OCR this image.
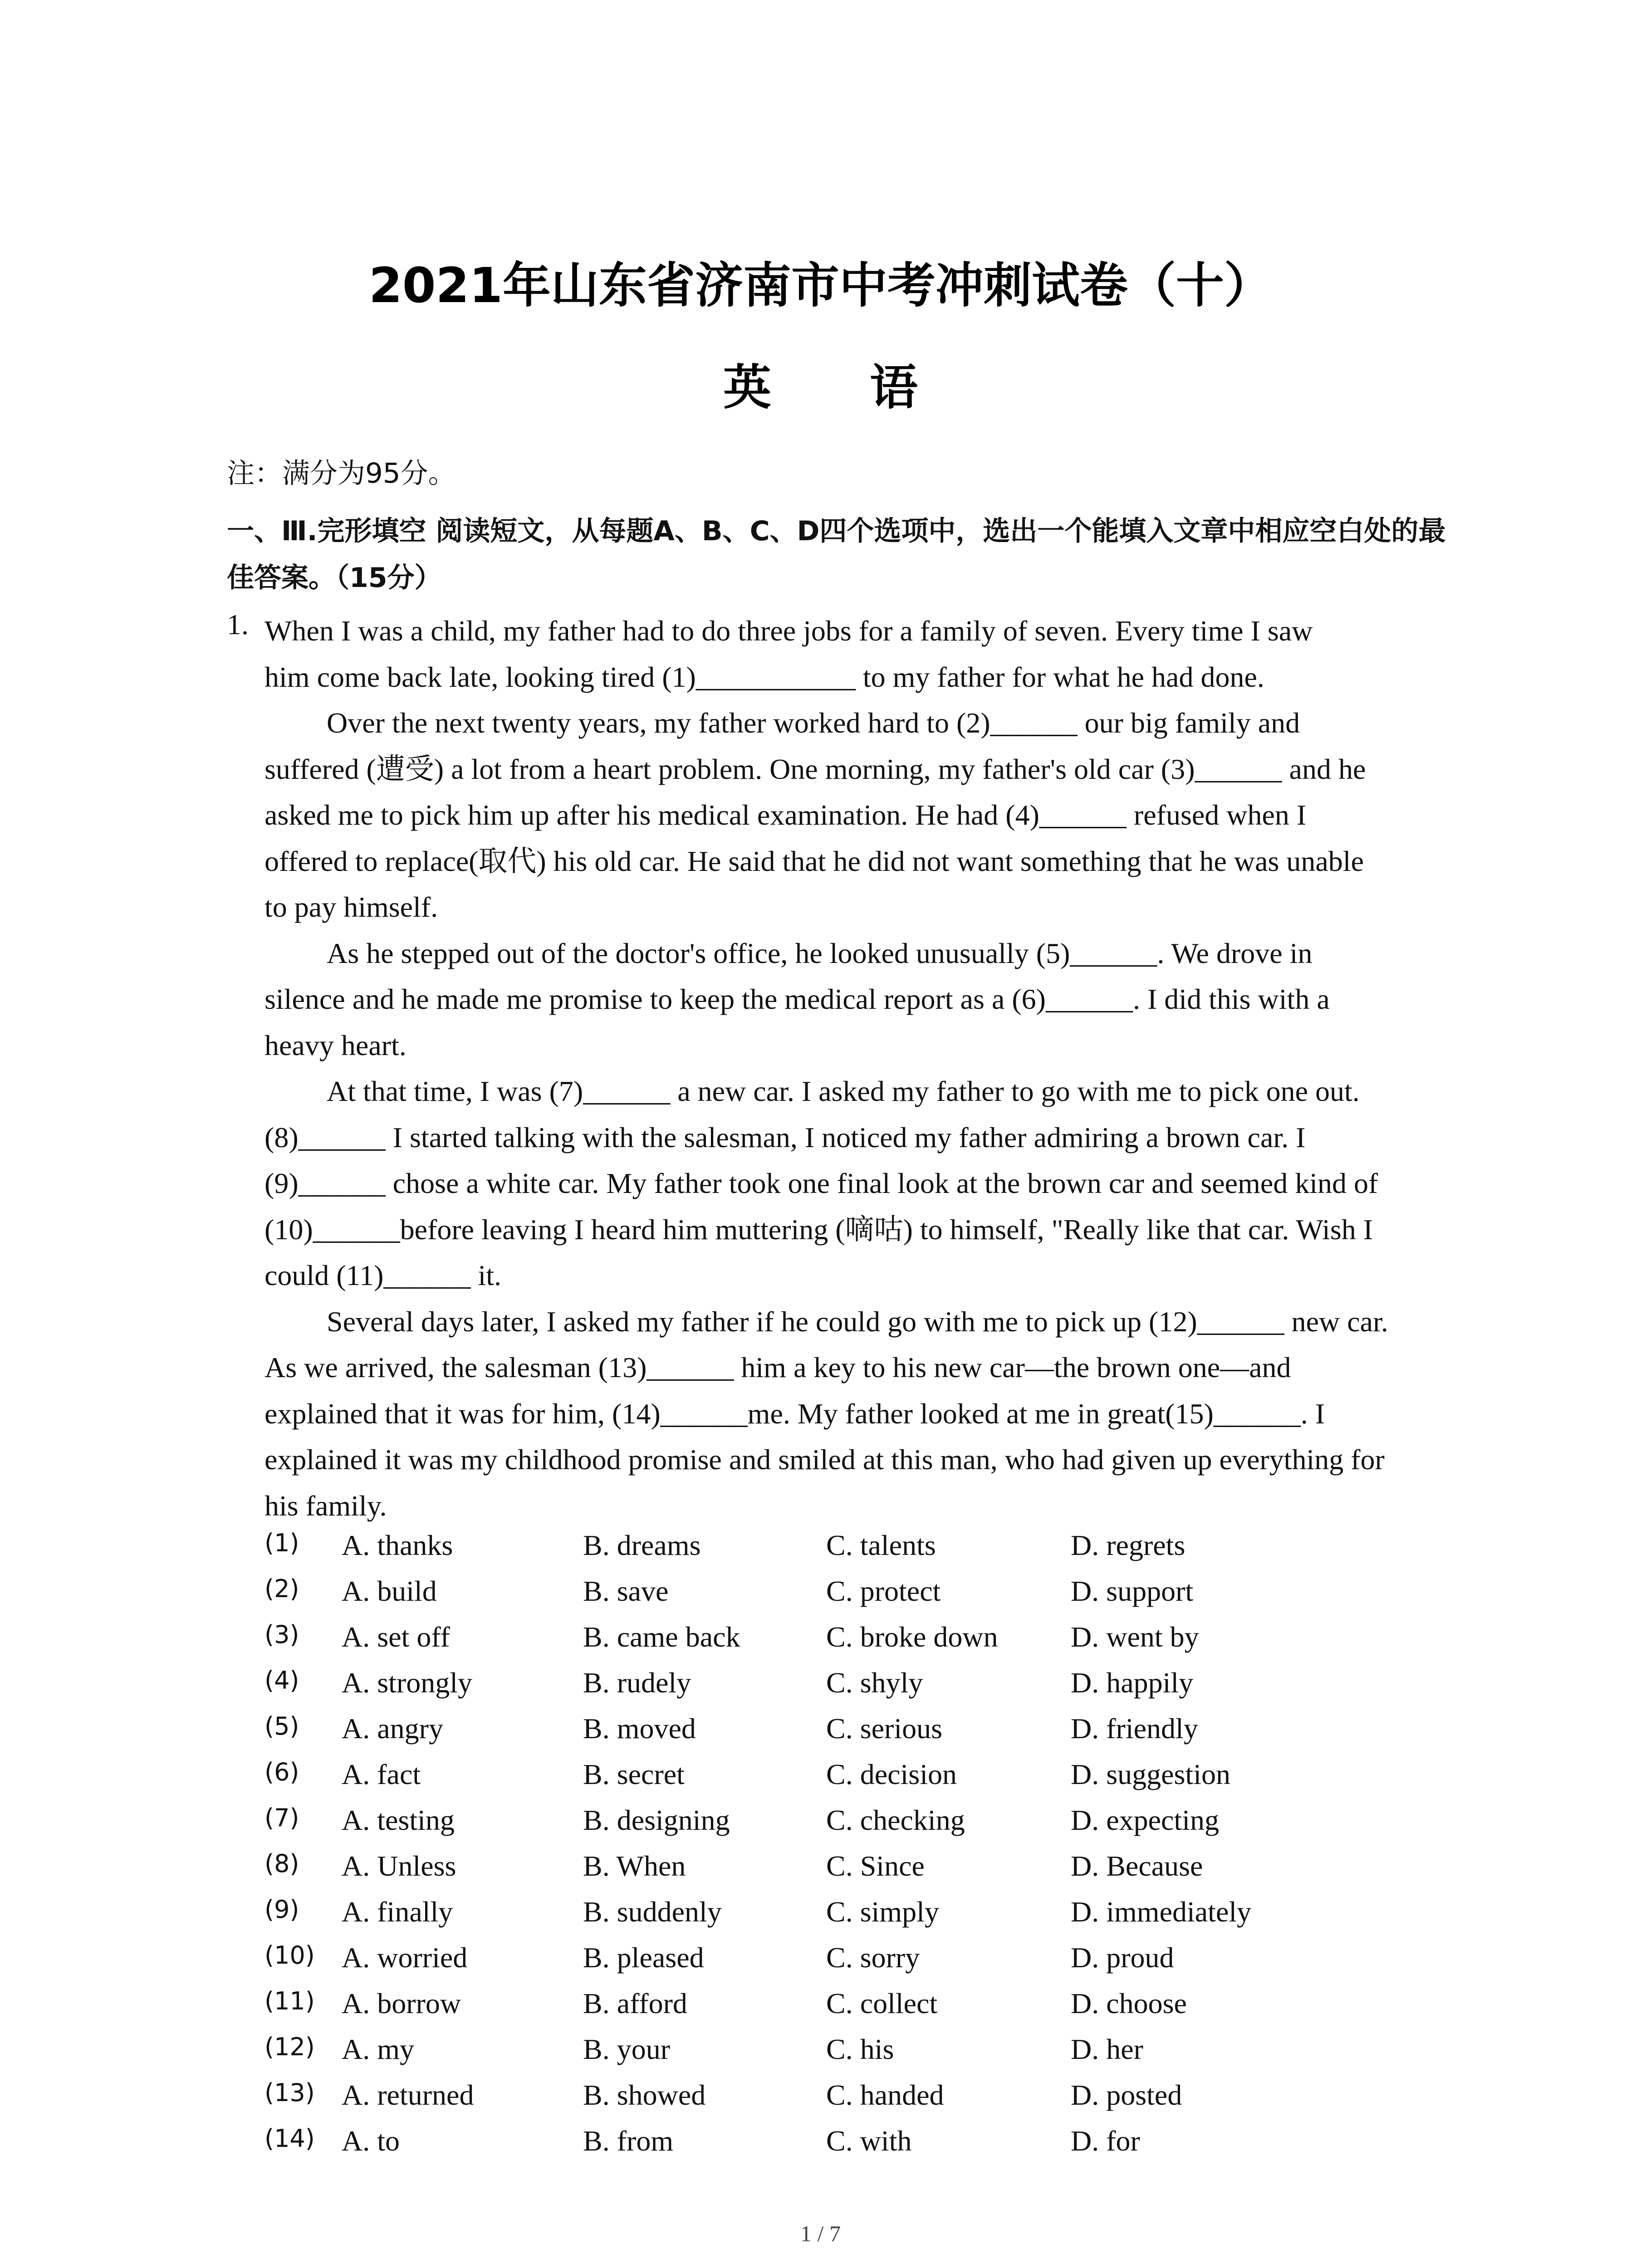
2021年山东省济南市中考冲刺试卷（十）
英 语
注：满分为95分。
一、Ⅲ.完形填空 阅读短文，从每题A、B、C、D四个选项中，选出一个能填入文章中相应空白处的最佳答案。（15分）
1. When I was a child, my father had to do three jobs for a family of seven. Every time I saw
him come back late, looking tired (1)___________ to my father for what he had done.
Over the next twenty years, my father worked hard to (2)______ our big family and
suffered (遭受) a lot from a heart problem. One morning, my father's old car (3)______ and he
asked me to pick him up after his medical examination. He had (4)______ refused when I
offered to replace(取代) his old car. He said that he did not want something that he was unable
to pay himself.
As he stepped out of the doctor's office, he looked unusually (5)______. We drove in
silence and he made me promise to keep the medical report as a (6)______. I did this with a
heavy heart.
At that time, I was (7)______ a new car. I asked my father to go with me to pick one out.
(8)______ I started talking with the salesman, I noticed my father admiring a brown car. I
(9)______ chose a white car. My father took one final look at the brown car and seemed kind of
(10)______before leaving I heard him muttering (嘀咕) to himself, "Really like that car. Wish I
could (11)______ it.
Several days later, I asked my father if he could go with me to pick up (12)______ new car.
As we arrived, the salesman (13)______ him a key to his new car—the brown one—and
explained that it was for him, (14)______me. My father looked at me in great(15)______. I
explained it was my childhood promise and smiled at this man, who had given up everything for
his family.
(1) A. thanks	B. dreams	C. talents	D. regrets
(2) A. build	B. save	C. protect	D. support
(3) A. set off	B. came back	C. broke down	D. went by
(4) A. strongly	B. rudely	C. shyly	D. happily
(5) A. angry	B. moved	C. serious	D. friendly
(6) A. fact	B. secret	C. decision	D. suggestion
(7) A. testing	B. designing	C. checking	D. expecting
(8) A. Unless	B. When	C. Since	D. Because
(9) A. finally	B. suddenly	C. simply	D. immediately
(10) A. worried	B. pleased	C. sorry	D. proud
(11) A. borrow	B. afford	C. collect	D. choose
(12) A. my	B. your	C. his	D. her
(13) A. returned	B. showed	C. handed	D. posted
(14) A. to	B. from	C. with	D. for
1 / 7
